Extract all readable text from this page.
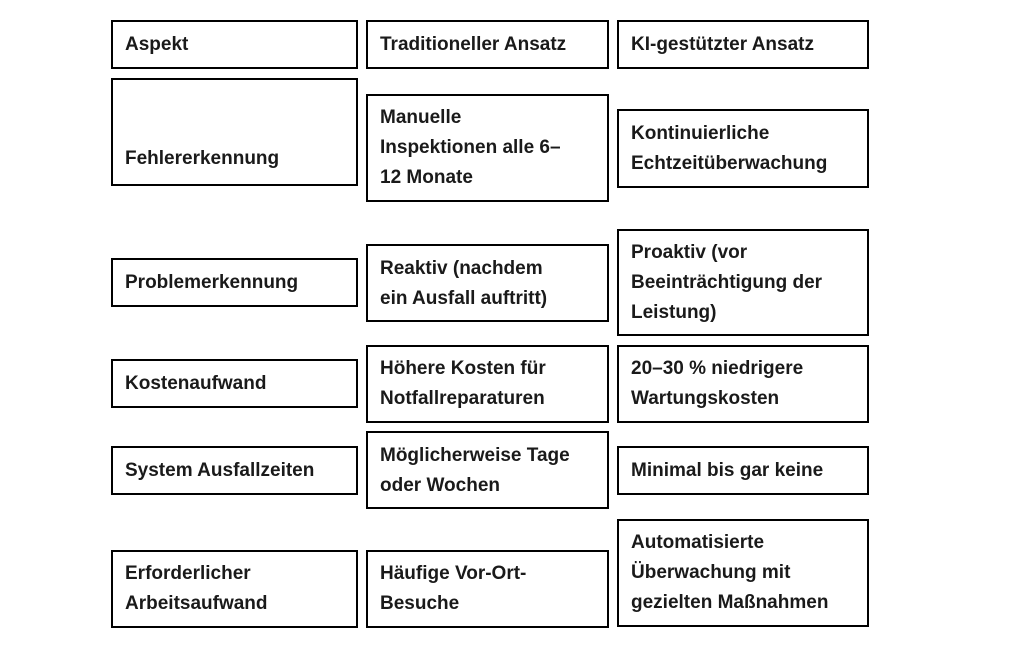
Aspekt	Traditioneller Ansatz	KI-gestützter Ansatz
Fehlererkennung
Manuelle
Inspektionen alle 6–
12 Monate
Kontinuierliche
Echtzeitüberwachung
Problemerkennung
Reaktiv (nachdem
ein Ausfall auftritt)
Proaktiv (vor
Beeinträchtigung der
Leistung)
Kostenaufwand
Höhere Kosten für
Notfallreparaturen
20–30 % niedrigere
Wartungskosten
System Ausfallzeiten
Möglicherweise Tage
oder Wochen
Minimal bis gar keine
Erforderlicher
Arbeitsaufwand
Häufige Vor-Ort-
Besuche
Automatisierte
Überwachung mit
gezielten Maßnahmen
